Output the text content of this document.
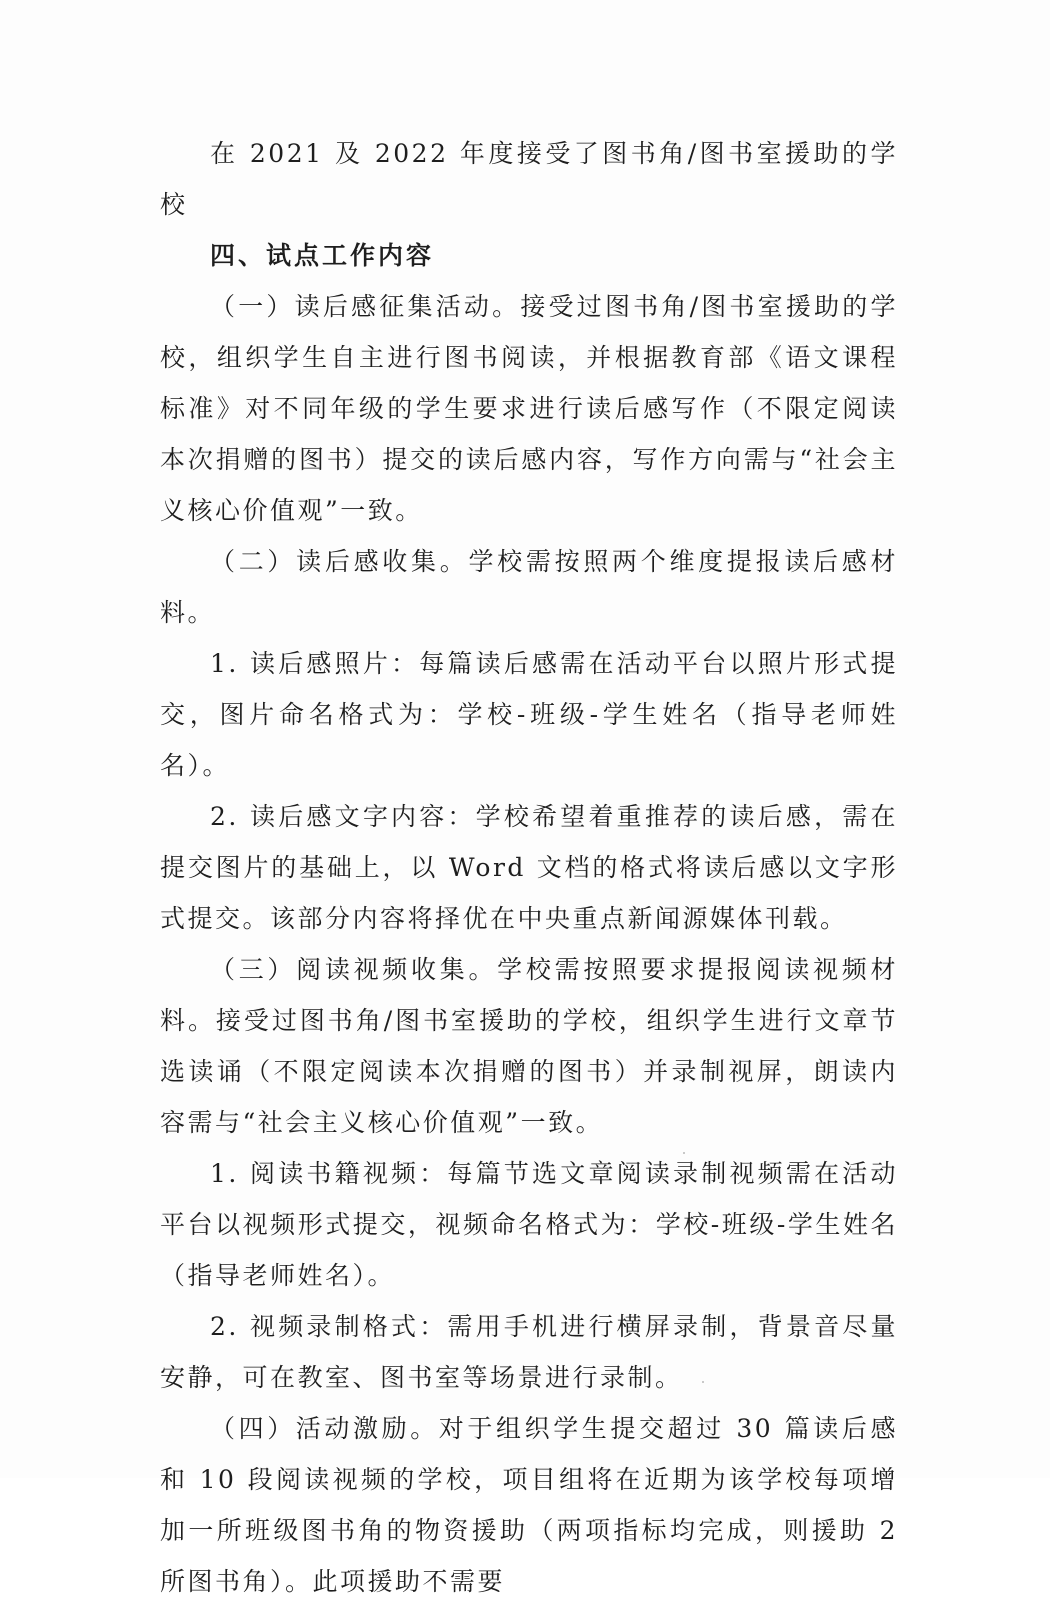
在 2021 及 2022 年度接受了图书角/图书室援助的学校

四、试点工作内容

（一）读后感征集活动。接受过图书角/图书室援助的学校，组织学生自主进行图书阅读，并根据教育部《语文课程标准》对不同年级的学生要求进行读后感写作（不限定阅读本次捐赠的图书）提交的读后感内容，写作方向需与“社会主义核心价值观”一致。

（二）读后感收集。学校需按照两个维度提报读后感材料。

1. 读后感照片：每篇读后感需在活动平台以照片形式提交，图片命名格式为：学校-班级-学生姓名（指导老师姓名）。

2. 读后感文字内容：学校希望着重推荐的读后感，需在提交图片的基础上，以 Word 文档的格式将读后感以文字形式提交。该部分内容将择优在中央重点新闻源媒体刊载。

（三）阅读视频收集。学校需按照要求提报阅读视频材料。接受过图书角/图书室援助的学校，组织学生进行文章节选读诵（不限定阅读本次捐赠的图书）并录制视屏，朗读内容需与“社会主义核心价值观”一致。

1. 阅读书籍视频：每篇节选文章阅读录制视频需在活动平台以视频形式提交，视频命名格式为：学校-班级-学生姓名（指导老师姓名）。

2. 视频录制格式：需用手机进行横屏录制，背景音尽量安静，可在教室、图书室等场景进行录制。

（四）活动激励。对于组织学生提交超过 30 篇读后感和 10 段阅读视频的学校，项目组将在近期为该学校每项增加一所班级图书角的物资援助（两项指标均完成，则援助 2 所图书角）。此项援助不需要
